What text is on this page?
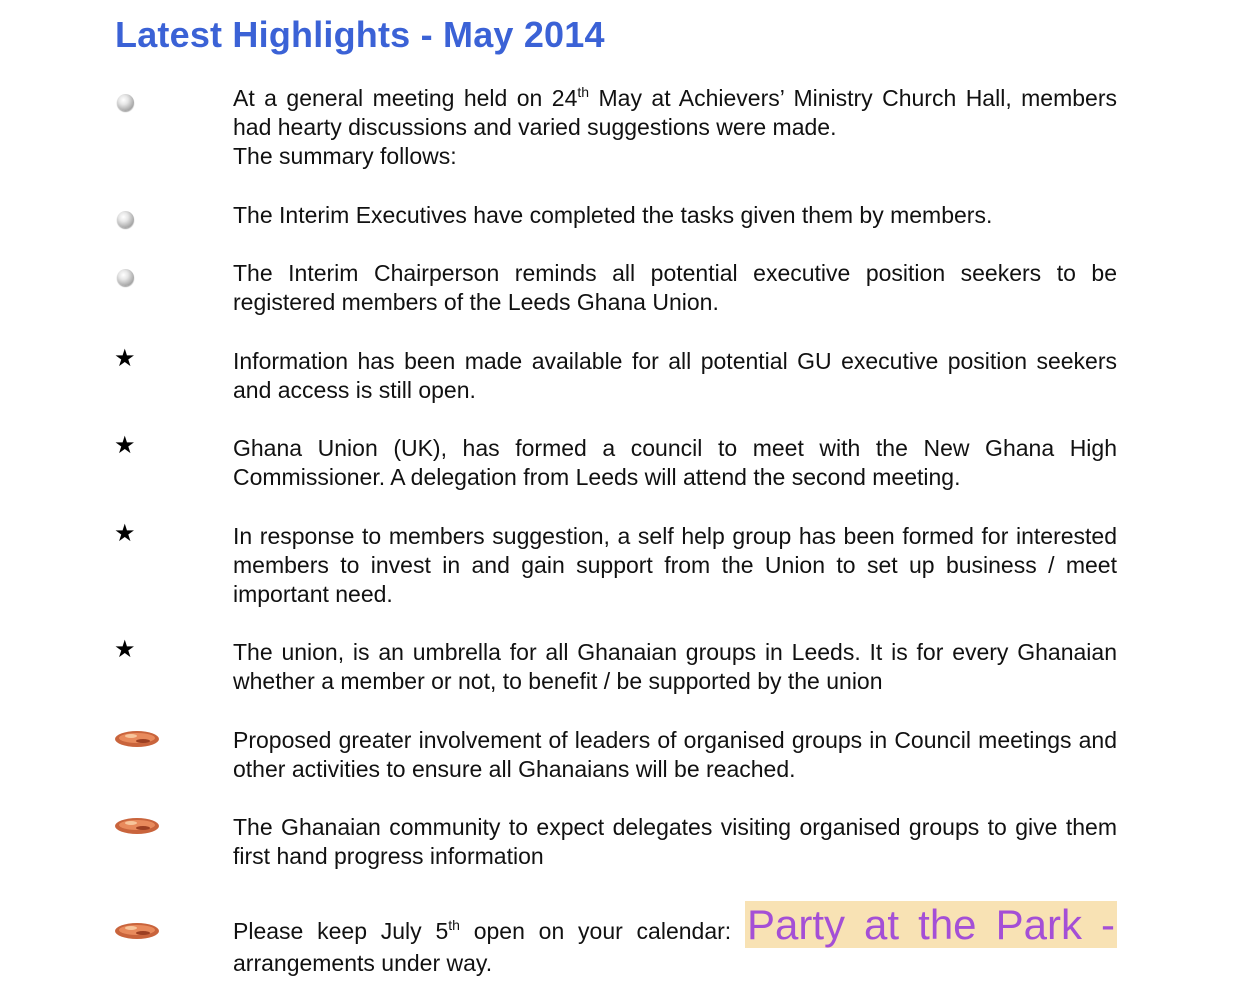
Latest Highlights - May 2014

At a general meeting held on 24th May at Achievers’ Ministry Church Hall, members had hearty discussions and varied suggestions were made.

The summary follows:

The Interim Executives have completed the tasks given them by members.
The Interim Chairperson reminds all potential executive position seekers to be registered members of the Leeds Ghana Union.
★	Information has been made available for all potential GU executive position seekers and access is still open.
★	Ghana Union (UK), has formed a council to meet with the New Ghana High Commissioner. A delegation from Leeds will attend the second meeting.
★	In response to members suggestion, a self help group has been formed for interested members to invest in and gain support from the Union to set up business / meet important need.
★	The union, is an umbrella for all Ghanaian groups in Leeds. It is for every Ghanaian whether a member or not, to benefit / be supported by the union
Proposed greater involvement of leaders of organised groups in Council meetings and other activities to ensure all Ghanaians will be reached.
The Ghanaian community to expect delegates visiting organised groups to give them first hand progress information
Please keep July 5th open on your calendar: Party at the Park -
arrangements under way.
